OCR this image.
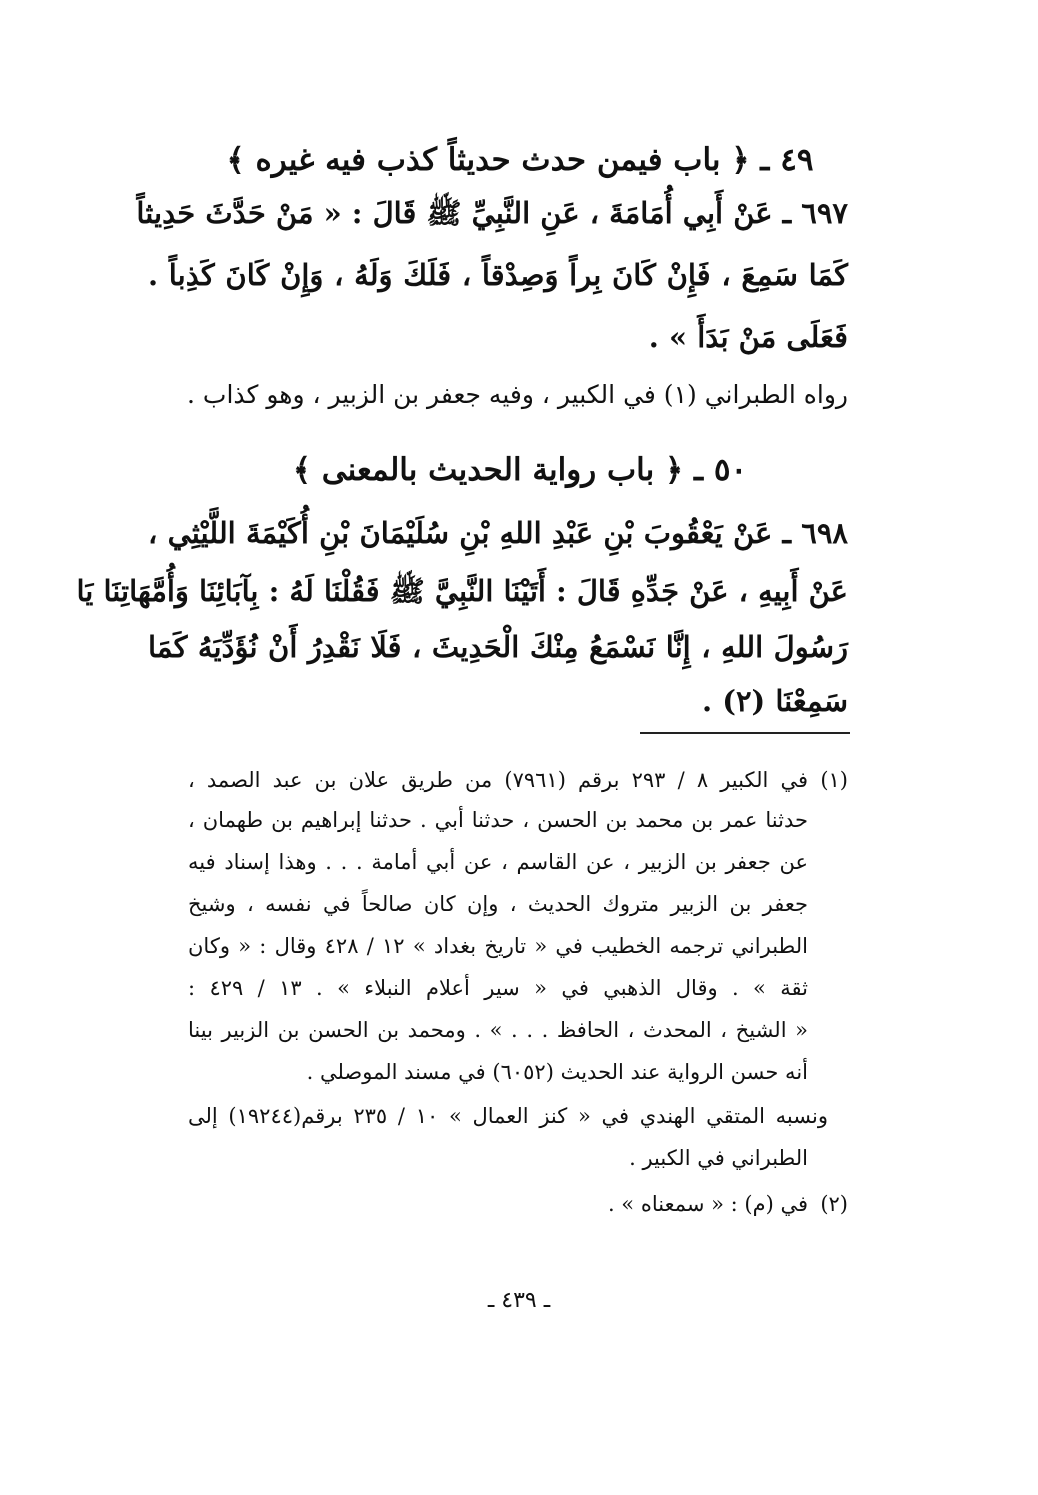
٤٩ ـ ﴿ باب فيمن حدث حديثاً كذب فيه غيره ﴾
٦٩٧ ـ عَنْ أَبِي أُمَامَةَ ، عَنِ النَّبِيِّ ﷺ قَالَ : « مَنْ حَدَّثَ حَدِيثاً
كَمَا سَمِعَ ، فَإِنْ كَانَ بِراً وَصِدْقاً ، فَلَكَ وَلَهُ ، وَإِنْ كَانَ كَذِباً .
فَعَلَى مَنْ بَدَأَ » .
رواه الطبراني (١) في الكبير ، وفيه جعفر بن الزبير ، وهو كذاب .
٥٠ ـ ﴿ باب رواية الحديث بالمعنى ﴾
٦٩٨ ـ عَنْ يَعْقُوبَ بْنِ عَبْدِ اللهِ بْنِ سُلَيْمَانَ بْنِ أُكَيْمَةَ اللَّيْثِي ،
عَنْ أَبِيهِ ، عَنْ جَدِّهِ قَالَ : أَتَيْنَا النَّبِيَّ ﷺ فَقُلْنَا لَهُ : بِآبَائِنَا وَأُمَّهَاتِنَا يَا
رَسُولَ اللهِ ، إِنَّا نَسْمَعُ مِنْكَ الْحَدِيثَ ، فَلَا نَقْدِرُ أَنْ نُؤَدِّيَهُ كَمَا
سَمِعْنَا (٢) .
(١)
في الكبير ٨ / ٢٩٣ برقم (٧٩٦١) من طريق علان بن عبد الصمد ،
حدثنا عمر بن محمد بن الحسن ، حدثنا أبي . حدثنا إبراهيم بن طهمان ،
عن جعفر بن الزبير ، عن القاسم ، عن أبي أمامة . . . وهذا إسناد فيه
جعفر بن الزبير متروك الحديث ، وإن كان صالحاً في نفسه ، وشيخ
الطبراني ترجمه الخطيب في « تاريخ بغداد » ١٢ / ٤٢٨ وقال : « وكان
ثقة » . وقال الذهبي في « سير أعلام النبلاء » . ١٣ / ٤٢٩ :
« الشيخ ، المحدث ، الحافظ . . . » . ومحمد بن الحسن بن الزبير بينا
أنه حسن الرواية عند الحديث (٦٠٥٢) في مسند الموصلي .
ونسبه المتقي الهندي في « كنز العمال » ١٠ / ٢٣٥ برقم(١٩٢٤٤) إلى
الطبراني في الكبير .
(٢)
في (م) : « سمعناه » .
ـ ٤٣٩ ـ
